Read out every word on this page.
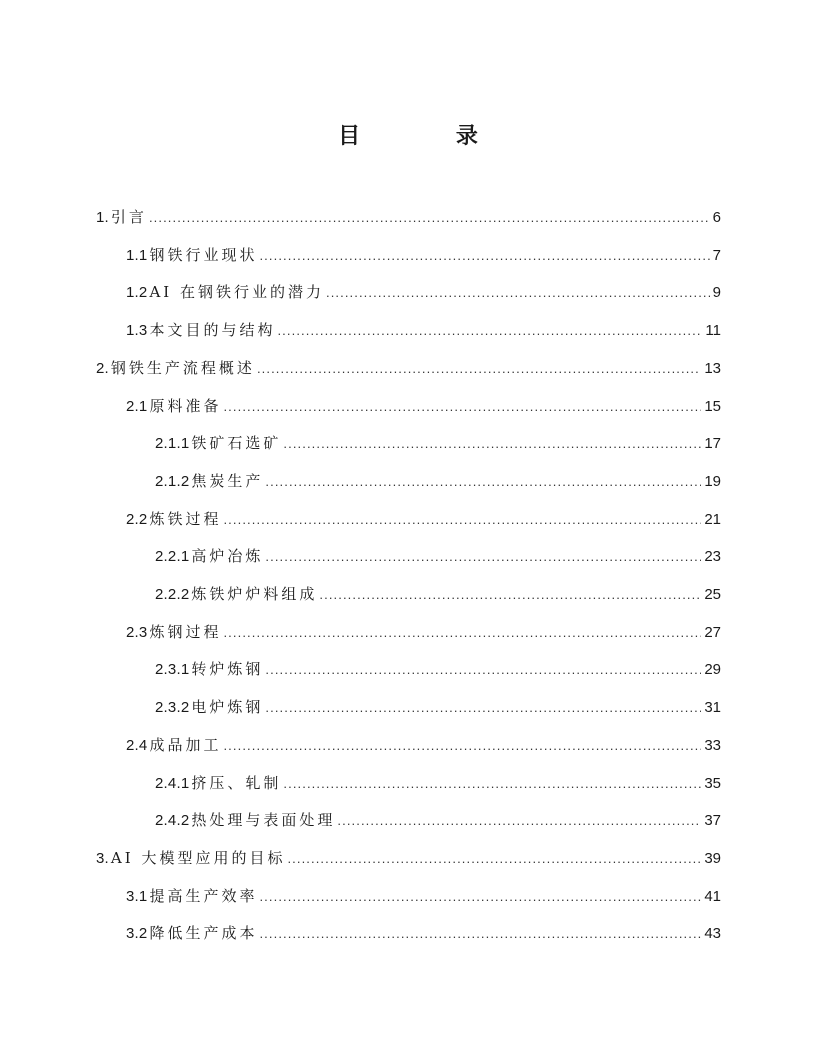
目 录
1. 引言 .....	6
1.1 钢铁行业现状 .....	7
1.2 AI 在钢铁行业的潜力 .....	9
1.3 本文目的与结构 .....	11
2. 钢铁生产流程概述 .....	13
2.1 原料准备 .....	15
2.1.1 铁矿石选矿 .....	17
2.1.2 焦炭生产 .....	19
2.2 炼铁过程 .....	21
2.2.1 高炉冶炼 .....	23
2.2.2 炼铁炉炉料组成 .....	25
2.3 炼钢过程 .....	27
2.3.1 转炉炼钢 .....	29
2.3.2 电炉炼钢 .....	31
2.4 成品加工 .....	33
2.4.1 挤压、轧制 .....	35
2.4.2 热处理与表面处理 .....	37
3. AI 大模型应用的目标 .....	39
3.1 提高生产效率 .....	41
3.2 降低生产成本 .....	43
